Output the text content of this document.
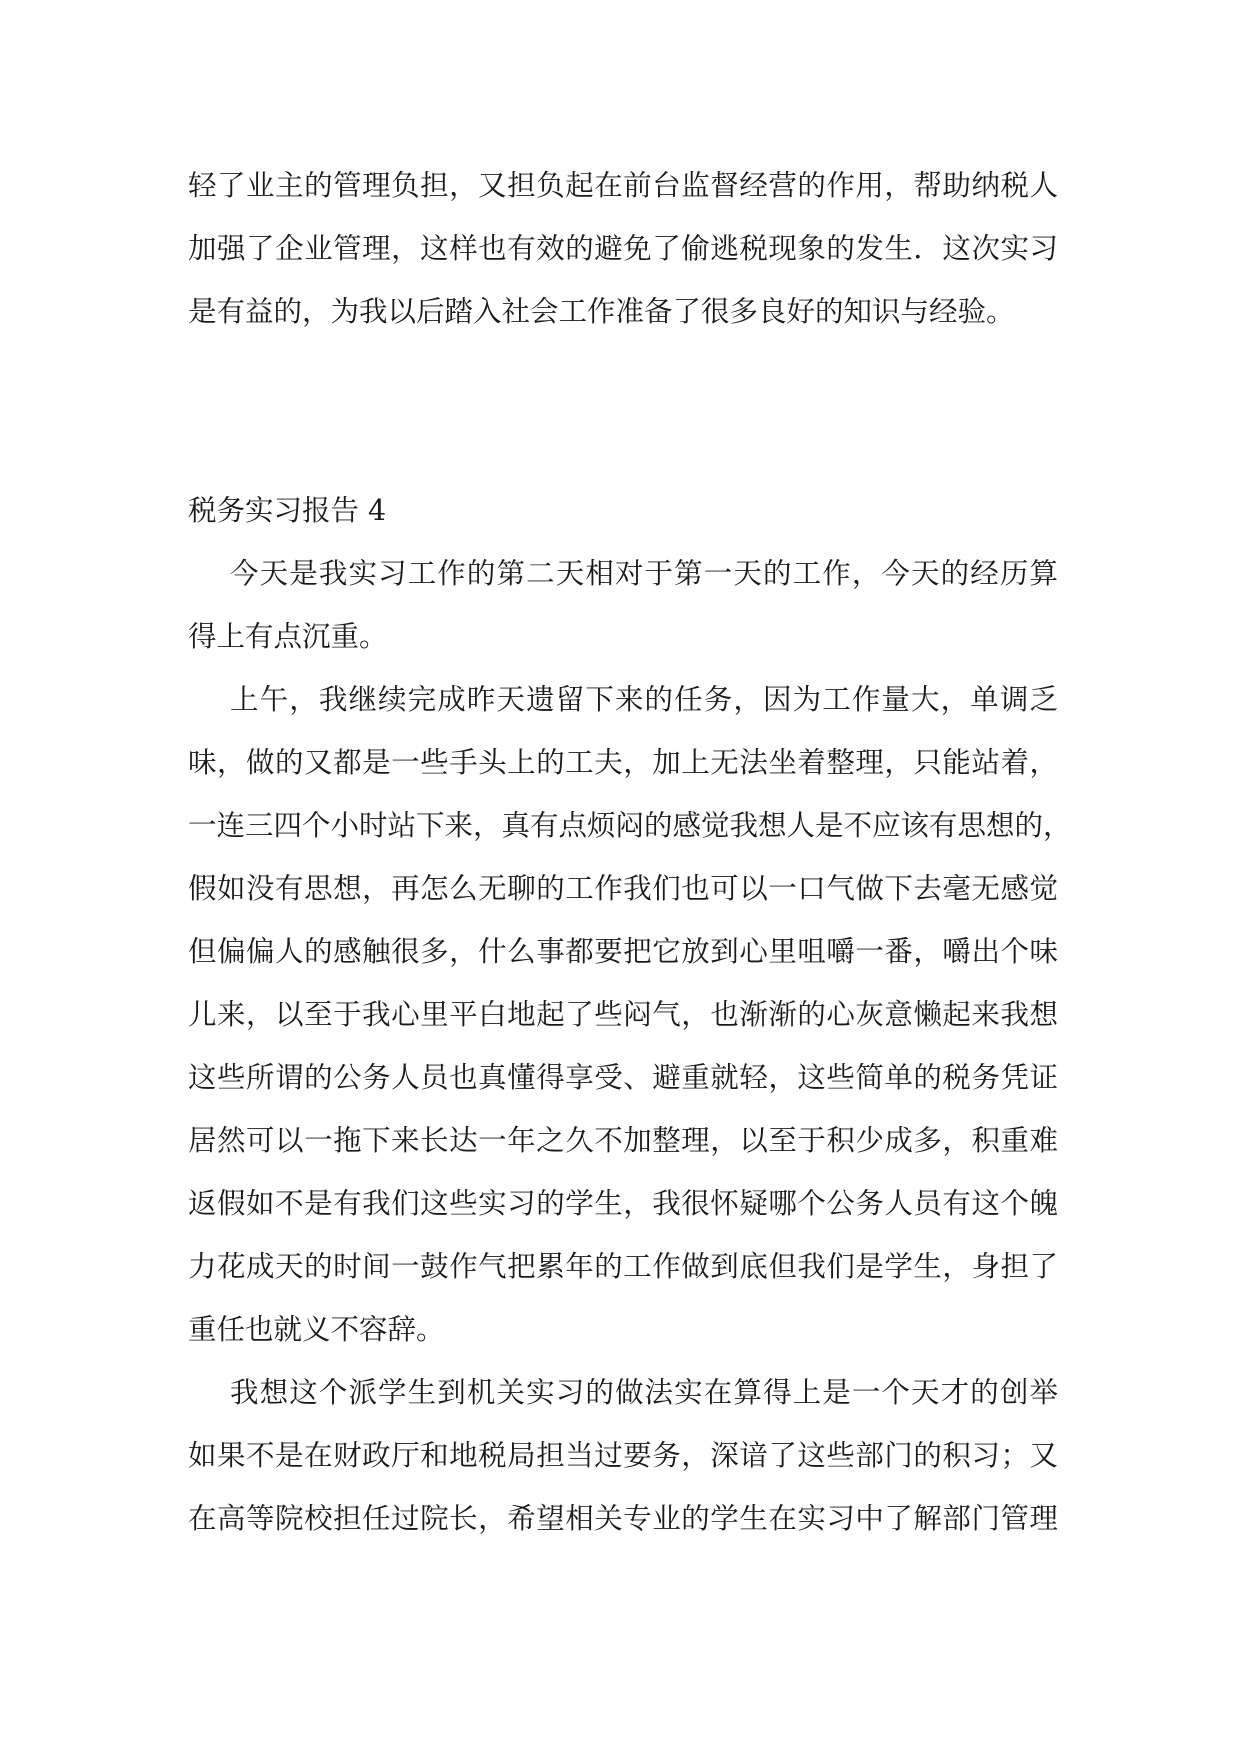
轻了业主的管理负担，又担负起在前台监督经营的作用，帮助纳税人
加强了企业管理，这样也有效的避免了偷逃税现象的发生．这次实习
是有益的，为我以后踏入社会工作准备了很多良好的知识与经验。
税务实习报告 4
今天是我实习工作的第二天相对于第一天的工作，今天的经历算
得上有点沉重。
上午，我继续完成昨天遗留下来的任务，因为工作量大，单调乏
味，做的又都是一些手头上的工夫，加上无法坐着整理，只能站着，
一连三四个小时站下来，真有点烦闷的感觉我想人是不应该有思想的，
假如没有思想，再怎么无聊的工作我们也可以一口气做下去毫无感觉
但偏偏人的感触很多，什么事都要把它放到心里咀嚼一番，嚼出个味
儿来，以至于我心里平白地起了些闷气，也渐渐的心灰意懒起来我想
这些所谓的公务人员也真懂得享受、避重就轻，这些简单的税务凭证
居然可以一拖下来长达一年之久不加整理，以至于积少成多，积重难
返假如不是有我们这些实习的学生，我很怀疑哪个公务人员有这个魄
力花成天的时间一鼓作气把累年的工作做到底但我们是学生，身担了
重任也就义不容辞。
我想这个派学生到机关实习的做法实在算得上是一个天才的创举
如果不是在财政厅和地税局担当过要务，深谙了这些部门的积习；又
在高等院校担任过院长，希望相关专业的学生在实习中了解部门管理
